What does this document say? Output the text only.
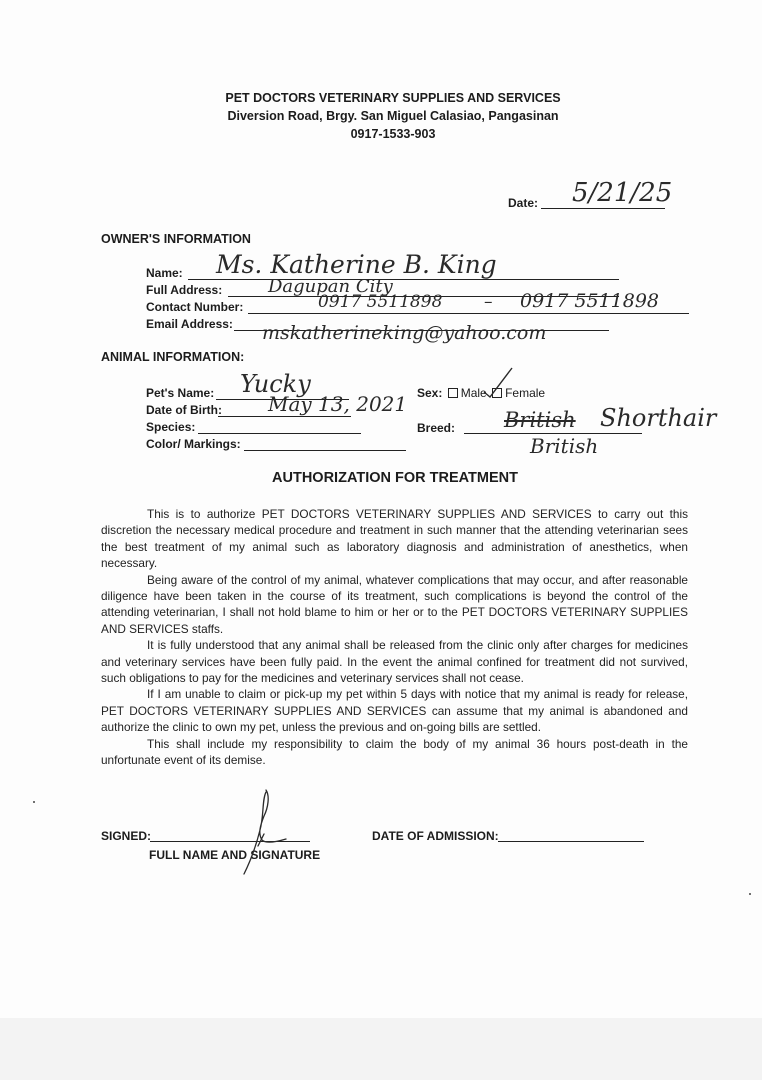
PET DOCTORS VETERINARY SUPPLIES AND SERVICES
Diversion Road, Brgy. San Miguel Calasiao, Pangasinan
0917-1533-903
Date: 5/21/25
OWNER'S INFORMATION
Name: Ms. Katherine B. King
Full Address:	Dagupan City
Contact Number:	0917 5511898 – 0917 5511898
Email Address: mskatherineking@yahoo.com
ANIMAL INFORMATION:
Pet's Name: Yucky
Date of Birth: May 13, 2021
Species:
Color/ Markings:
Sex: Male Female
Breed: British Shorthair
British
AUTHORIZATION FOR TREATMENT

This is to authorize PET DOCTORS VETERINARY SUPPLIES AND SERVICES to carry out this discretion the necessary medical procedure and treatment in such manner that the attending veterinarian sees the best treatment of my animal such as laboratory diagnosis and administration of anesthetics, when necessary.

Being aware of the control of my animal, whatever complications that may occur, and after reasonable diligence have been taken in the course of its treatment, such complications is beyond the control of the attending veterinarian, I shall not hold blame to him or her or to the PET DOCTORS VETERINARY SUPPLIES AND SERVICES staffs.

It is fully understood that any animal shall be released from the clinic only after charges for medicines and veterinary services have been fully paid. In the event the animal confined for treatment did not survived, such obligations to pay for the medicines and veterinary services shall not cease.

If I am unable to claim or pick-up my pet within 5 days with notice that my animal is ready for release, PET DOCTORS VETERINARY SUPPLIES AND SERVICES can assume that my animal is abandoned and authorize the clinic to own my pet, unless the previous and on-going bills are settled.

This shall include my responsibility to claim the body of my animal 36 hours post-death in the unfortunate event of its demise.

SIGNED:
FULL NAME AND SIGNATURE
DATE OF ADMISSION:
